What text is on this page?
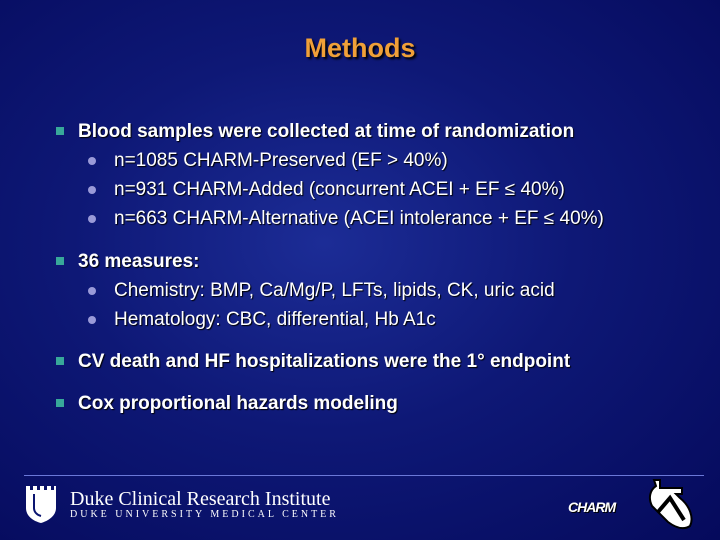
Methods
Blood samples were collected at time of randomization
n=1085 CHARM-Preserved (EF > 40%)
n=931 CHARM-Added (concurrent ACEI + EF ≤ 40%)
n=663 CHARM-Alternative (ACEI intolerance + EF ≤ 40%)
36 measures:
Chemistry: BMP, Ca/Mg/P, LFTs, lipids, CK, uric acid
Hematology: CBC, differential, Hb A1c
CV death and HF hospitalizations were the 1° endpoint
Cox proportional hazards modeling
Duke Clinical Research Institute
DUKE UNIVERSITY MEDICAL CENTER	CHARM
